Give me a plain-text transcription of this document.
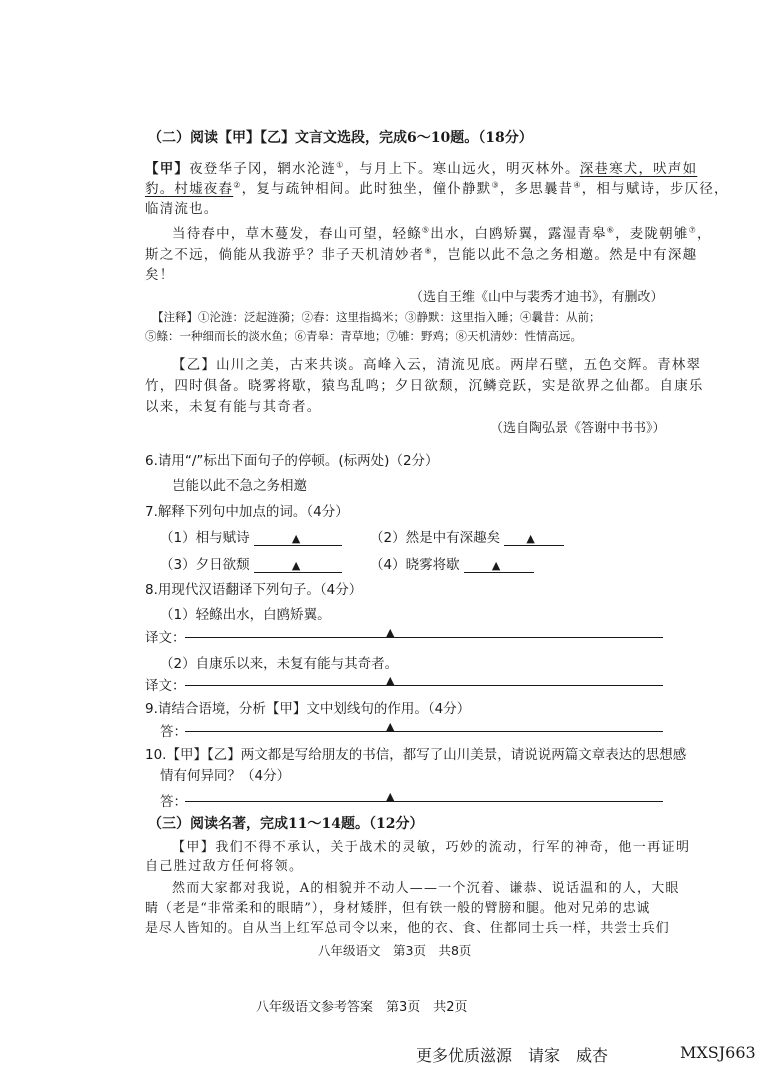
（二）阅读【甲】【乙】文言文选段，完成6～10题。（18分）
【甲】夜登华子冈，辋水沦涟①，与月上下。寒山远火，明灭林外。深巷寒犬，吠声如
豹。村墟夜舂②，复与疏钟相间。此时独坐，僮仆静默③，多思曩昔④，相与赋诗，步仄径，
临清流也。
当待春中，草木蔓发，春山可望，轻鲦⑤出水，白鸥矫翼，露湿青皋⑥，麦陇朝雊⑦，
斯之不远，倘能从我游乎？非子天机清妙者⑧，岂能以此不急之务相邀。然是中有深趣
矣！
（选自王维《山中与裴秀才迪书》，有删改）
【注释】①沦涟：泛起涟漪；②舂：这里指捣米；③静默：这里指入睡；④曩昔：从前；
⑤鲦：一种细而长的淡水鱼；⑥青皋：青草地；⑦雊：野鸡；⑧天机清妙：性情高远。
【乙】山川之美，古来共谈。高峰入云，清流见底。两岸石壁，五色交辉。青林翠
竹，四时俱备。晓雾将歇，猿鸟乱鸣；夕日欲颓，沉鳞竞跃，实是欲界之仙都。自康乐
以来，未复有能与其奇者。
（选自陶弘景《答谢中书书》）
6.请用“/”标出下面句子的停顿。(标两处)（2分）
岂能以此不急之务相邀
7.解释下列句中加点的词。（4分）
（1）相与赋诗	▲	（2）然是中有深趣矣 ▲
（3）夕日欲颓	▲	（4）晓雾将歇	▲
8.用现代汉语翻译下列句子。（4分）
（1）轻鲦出水，白鸥矫翼。
译文：	▲
（2）自康乐以来，未复有能与其奇者。
译文：	▲
9.请结合语境，分析【甲】文中划线句的作用。（4分）
答：	▲
10.【甲】【乙】两文都是写给朋友的书信，都写了山川美景，请说说两篇文章表达的思想感
情有何异同？（4分）
答：	▲
（三）阅读名著，完成11～14题。（12分）
【甲】我们不得不承认，关于战术的灵敏，巧妙的流动，行军的神奇，他一再证明
自己胜过敌方任何将领。
然而大家都对我说，A的相貌并不动人——一个沉着、谦恭、说话温和的人，大眼
睛（老是“非常柔和的眼睛”），身材矮胖，但有铁一般的臂膀和腿。他对兄弟的忠诚
是尽人皆知的。自从当上红军总司令以来，他的衣、食、住都同士兵一样，共尝士兵们
八年级语文　第3页　共8页
八年级语文参考答案　第3页　共2页
更多优质滋源　请家　威杏	MXSJ663
